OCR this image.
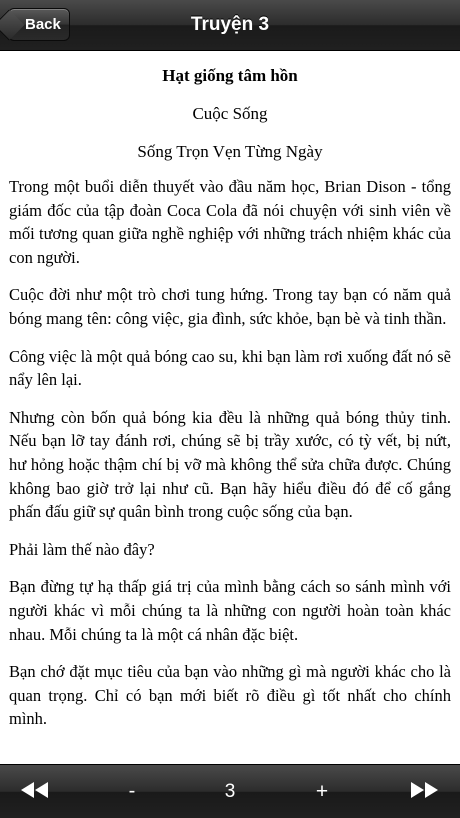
Back	Truyện 3
Hạt giống tâm hồn
Cuộc Sống
Sống Trọn Vẹn Từng Ngày

Trong một buổi diễn thuyết vào đầu năm học, Brian Dison - tổng giám đốc của tập đoàn Coca Cola đã nói chuyện với sinh viên về mối tương quan giữa nghề nghiệp với những trách nhiệm khác của con người.

Cuộc đời như một trò chơi tung hứng. Trong tay bạn có năm quả bóng mang tên: công việc, gia đình, sức khỏe, bạn bè và tinh thần.

Công việc là một quả bóng cao su, khi bạn làm rơi xuống đất nó sẽ nẩy lên lại.

Nhưng còn bốn quả bóng kia đều là những quả bóng thủy tinh. Nếu bạn lỡ tay đánh rơi, chúng sẽ bị trầy xước, có tỳ vết, bị nứt, hư hỏng hoặc thậm chí bị vỡ mà không thể sửa chữa được. Chúng không bao giờ trở lại như cũ. Bạn hãy hiểu điều đó để cố gắng phấn đấu giữ sự quân bình trong cuộc sống của bạn.

Phải làm thế nào đây?

Bạn đừng tự hạ thấp giá trị của mình bằng cách so sánh mình với người khác vì mỗi chúng ta là những con người hoàn toàn khác nhau. Mỗi chúng ta là một cá nhân đặc biệt.

Bạn chớ đặt mục tiêu của bạn vào những gì mà người khác cho là quan trọng. Chỉ có bạn mới biết rõ điều gì tốt nhất cho chính mình.

-	3	+
